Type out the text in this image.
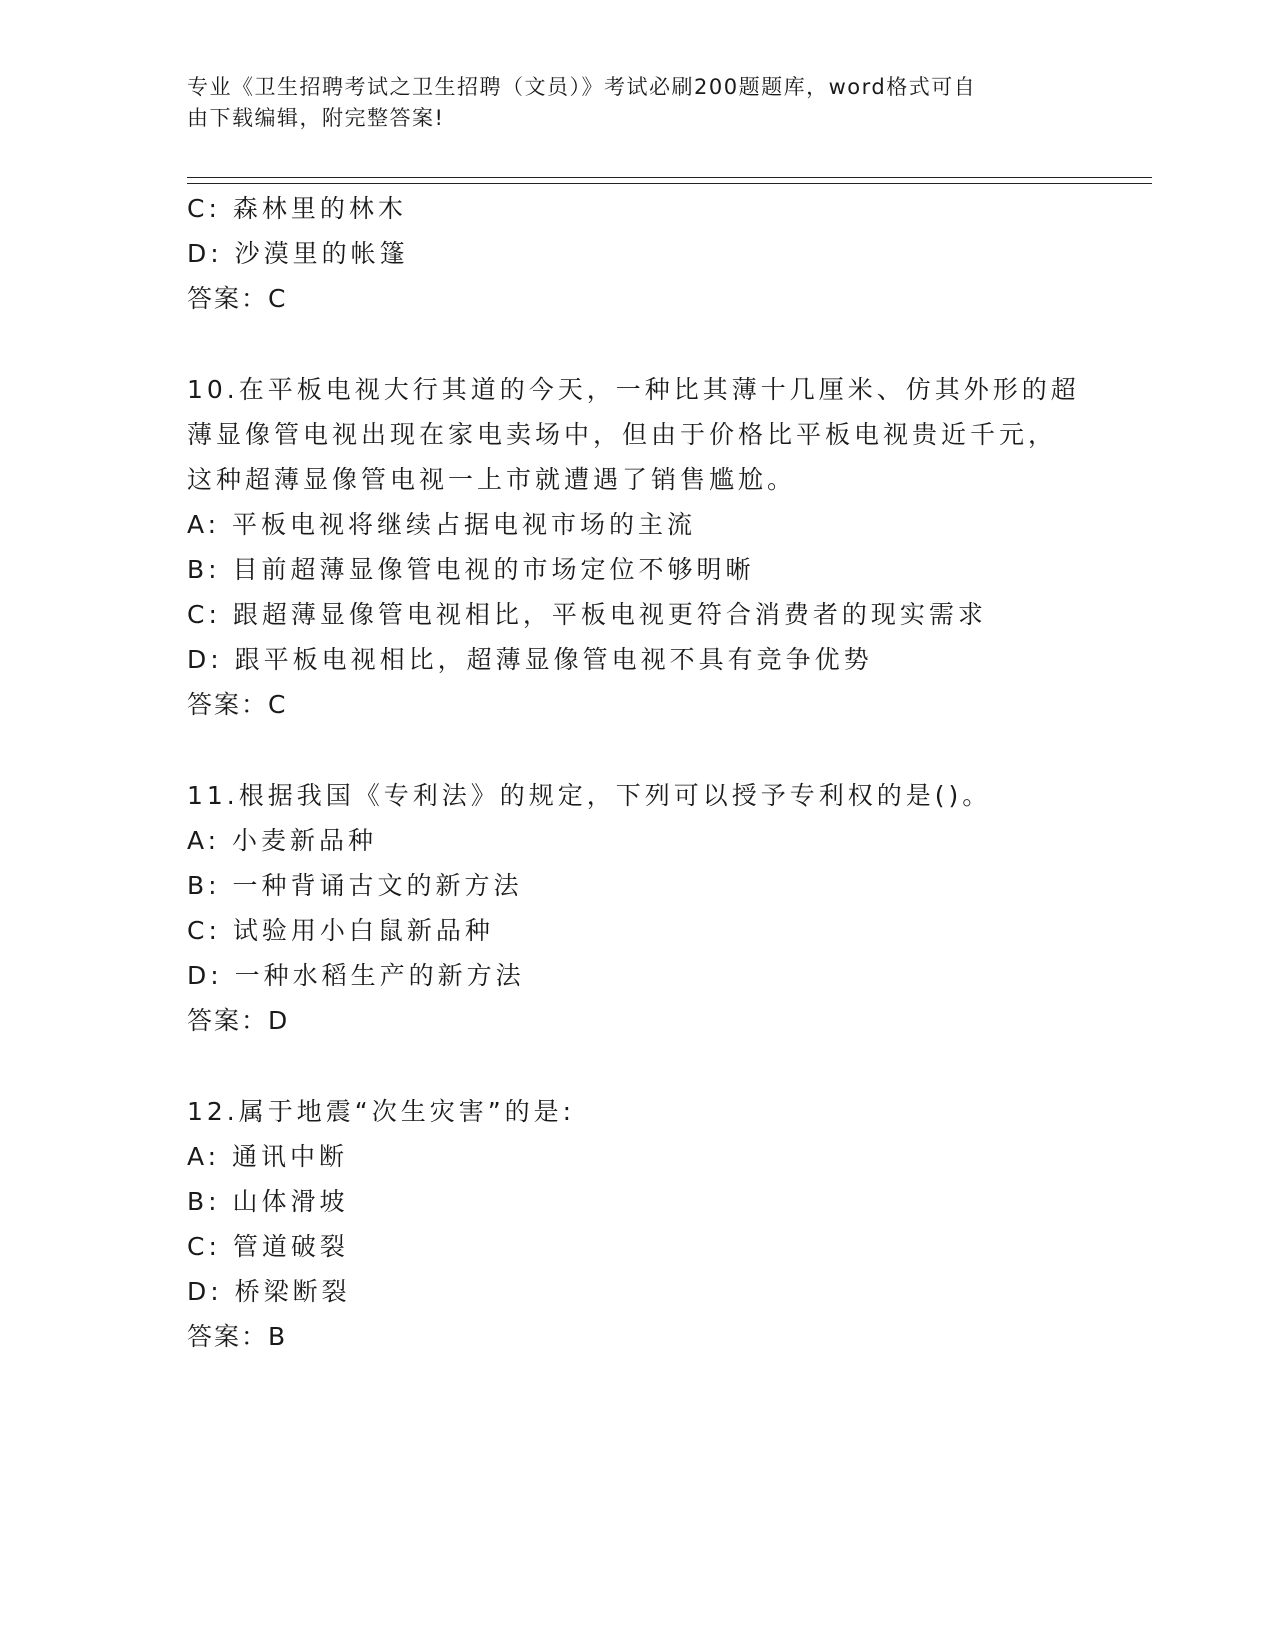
专业《卫生招聘考试之卫生招聘（文员）》考试必刷200题题库，word格式可自
由下载编辑，附完整答案!
C: 森林里的林木
D: 沙漠里的帐篷
答案：C
10.在平板电视大行其道的今天，一种比其薄十几厘米、仿其外形的超
薄显像管电视出现在家电卖场中，但由于价格比平板电视贵近千元，
这种超薄显像管电视一上市就遭遇了销售尴尬。
A: 平板电视将继续占据电视市场的主流
B: 目前超薄显像管电视的市场定位不够明晰
C: 跟超薄显像管电视相比，平板电视更符合消费者的现实需求
D: 跟平板电视相比，超薄显像管电视不具有竞争优势
答案：C
11.根据我国《专利法》的规定，下列可以授予专利权的是()。
A: 小麦新品种
B: 一种背诵古文的新方法
C: 试验用小白鼠新品种
D: 一种水稻生产的新方法
答案：D
12.属于地震“次生灾害”的是:
A: 通讯中断
B: 山体滑坡
C: 管道破裂
D: 桥梁断裂
答案：B
